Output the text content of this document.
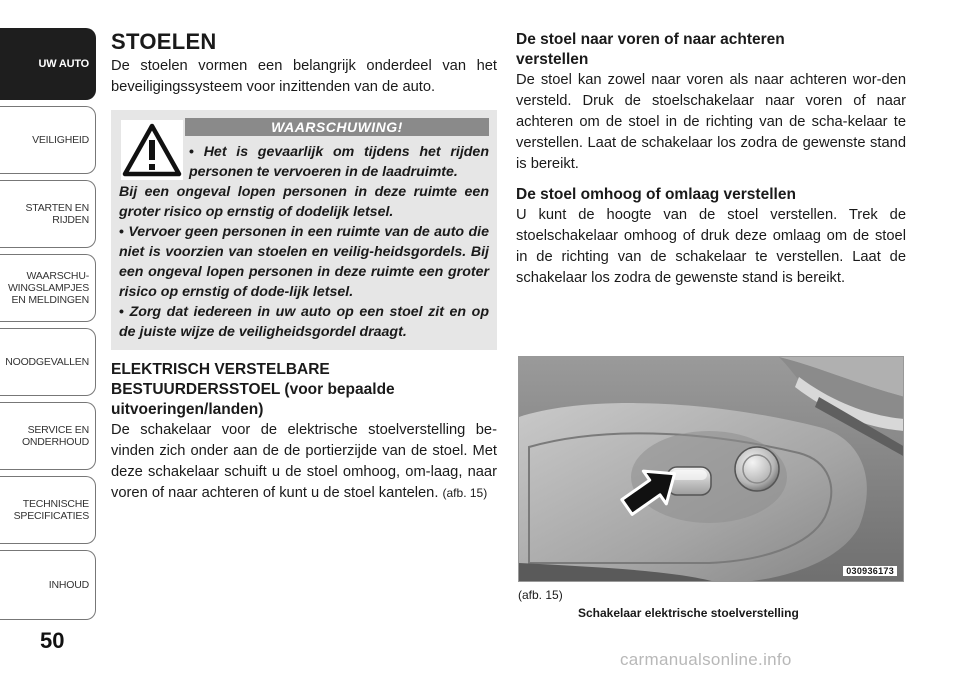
UW AUTO
VEILIGHEID
STARTEN EN
RIJDEN
WAARSCHU-
WINGSLAMPJES
EN MELDINGEN
NOODGEVALLEN
SERVICE EN
ONDERHOUD
TECHNISCHE
SPECIFICATIES
INHOUD
50
STOELEN

De stoelen vormen een belangrijk onderdeel van het beveiligingssysteem voor inzittenden van de auto.

WAARSCHUWING!

• Het is gevaarlijk om tijdens het rijden personen te vervoeren in de laadruimte.

Bij een ongeval lopen personen in deze ruimte een groter risico op ernstig of dodelijk letsel.

• Vervoer geen personen in een ruimte van de auto die niet is voorzien van stoelen en veilig-heidsgordels. Bij een ongeval lopen personen in deze ruimte een groter risico op ernstig of dode-lijk letsel.

• Zorg dat iedereen in uw auto op een stoel zit en op de juiste wijze de veiligheidsgordel draagt.

ELEKTRISCH VERSTELBARE BESTUURDERSSTOEL (voor bepaalde uitvoeringen/landen)

De schakelaar voor de elektrische stoelverstelling be-vinden zich onder aan de de portierzijde van de stoel. Met deze schakelaar schuift u de stoel omhoog, om-laag, naar voren of naar achteren of kunt u de stoel kantelen. (afb. 15)

De stoel naar voren of naar achteren verstellen

De stoel kan zowel naar voren als naar achteren wor-den versteld. Druk de stoelschakelaar naar voren of naar achteren om de stoel in de richting van de scha-kelaar te verstellen. Laat de schakelaar los zodra de gewenste stand is bereikt.

De stoel omhoog of omlaag verstellen

U kunt de hoogte van de stoel verstellen. Trek de stoelschakelaar omhoog of druk deze omlaag om de stoel in de richting van de schakelaar te verstellen. Laat de schakelaar los zodra de gewenste stand is bereikt.

030936173
(afb. 15)
Schakelaar elektrische stoelverstelling
carmanualsonline.info
